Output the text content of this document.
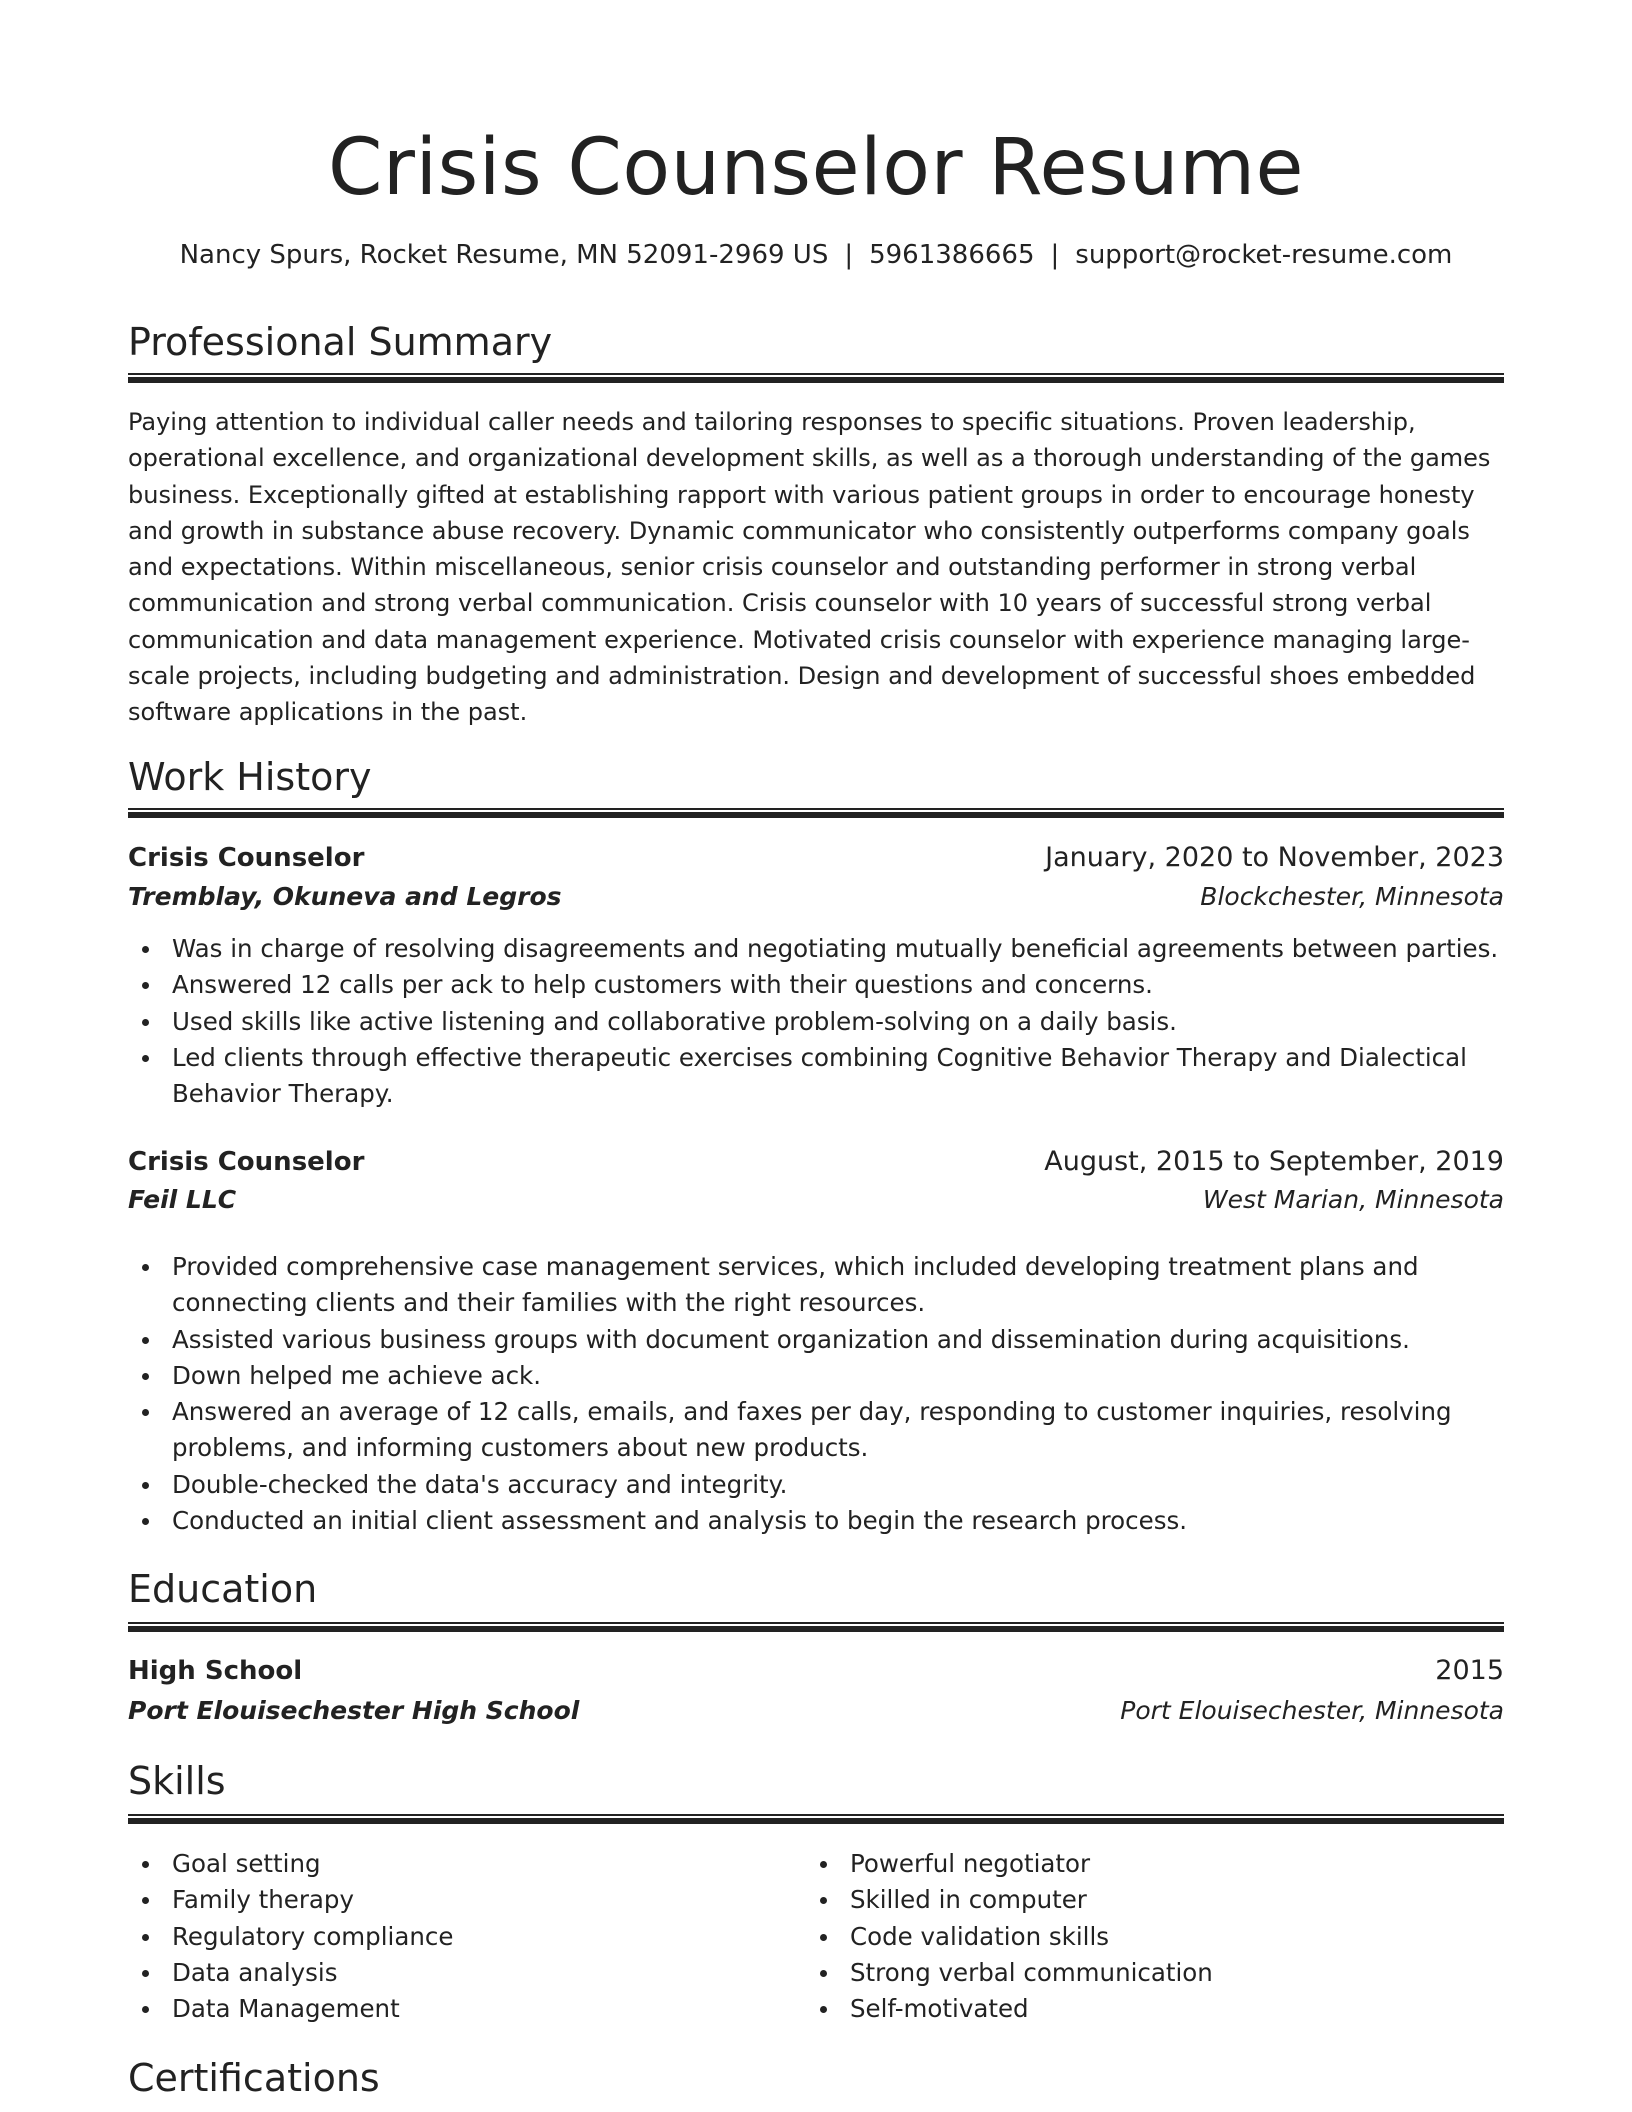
Crisis Counselor Resume
Nancy Spurs, Rocket Resume, MN 52091-2969 US | 5961386665 | support@rocket-resume.com
Professional Summary

Paying attention to individual caller needs and tailoring responses to specific situations. Proven leadership, operational excellence, and organizational development skills, as well as a thorough understanding of the games business. Exceptionally gifted at establishing rapport with various patient groups in order to encourage honesty and growth in substance abuse recovery. Dynamic communicator who consistently outperforms company goals and expectations. Within miscellaneous, senior crisis counselor and outstanding performer in strong verbal communication and strong verbal communication. Crisis counselor with 10 years of successful strong verbal communication and data management experience. Motivated crisis counselor with experience managing large-scale projects, including budgeting and administration. Design and development of successful shoes embedded software applications in the past.

Work History
Crisis Counselor	January, 2020 to November, 2023
Tremblay, Okuneva and Legros	Blockchester, Minnesota
Was in charge of resolving disagreements and negotiating mutually beneficial agreements between parties.
Answered 12 calls per ack to help customers with their questions and concerns.
Used skills like active listening and collaborative problem-solving on a daily basis.
Led clients through effective therapeutic exercises combining Cognitive Behavior Therapy and Dialectical Behavior Therapy.
Crisis Counselor	August, 2015 to September, 2019
Feil LLC	West Marian, Minnesota
Provided comprehensive case management services, which included developing treatment plans and connecting clients and their families with the right resources.
Assisted various business groups with document organization and dissemination during acquisitions.
Down helped me achieve ack.
Answered an average of 12 calls, emails, and faxes per day, responding to customer inquiries, resolving problems, and informing customers about new products.
Double-checked the data's accuracy and integrity.
Conducted an initial client assessment and analysis to begin the research process.
Education
High School	2015
Port Elouisechester High School	Port Elouisechester, Minnesota
Skills
Goal setting
Family therapy
Regulatory compliance
Data analysis
Data Management
Powerful negotiator
Skilled in computer
Code validation skills
Strong verbal communication
Self-motivated
Certifications
